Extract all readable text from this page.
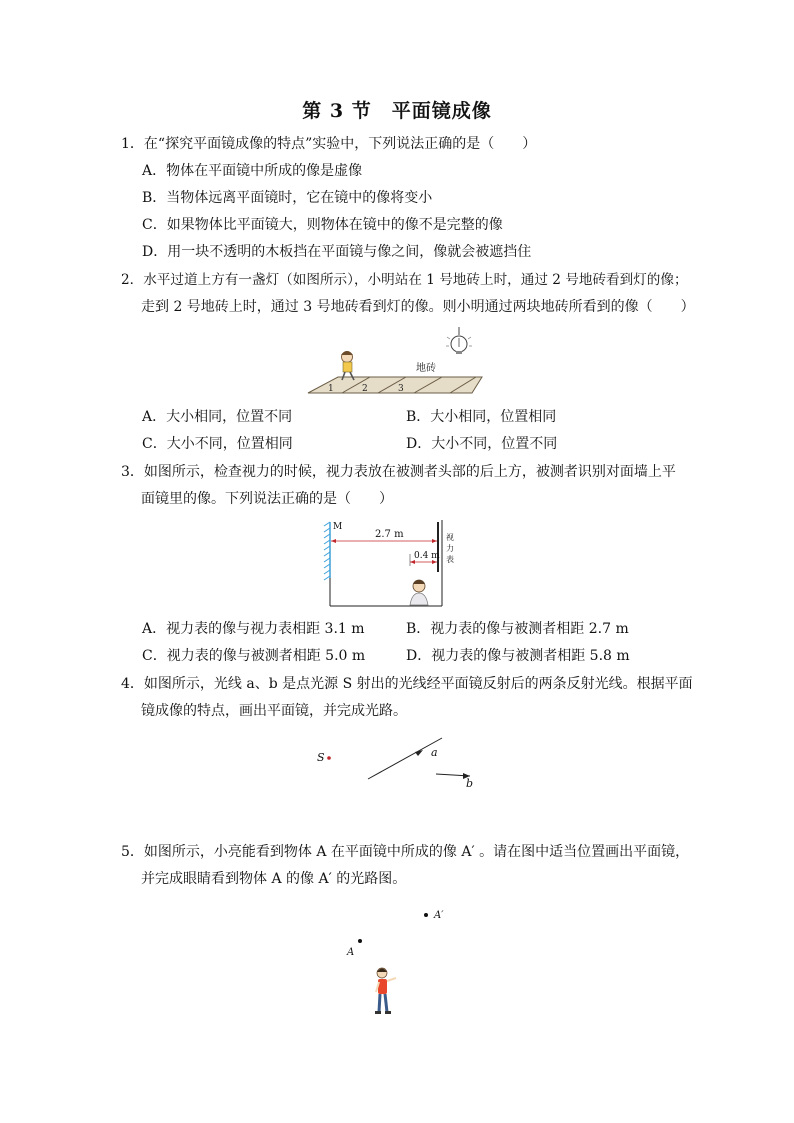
第 3 节　平面镜成像
1．在“探究平面镜成像的特点”实验中，下列说法正确的是（　　）
A．物体在平面镜中所成的像是虚像
B．当物体远离平面镜时，它在镜中的像将变小
C．如果物体比平面镜大，则物体在镜中的像不是完整的像
D．用一块不透明的木板挡在平面镜与像之间，像就会被遮挡住
2．水平过道上方有一盏灯（如图所示），小明站在 1 号地砖上时，通过 2 号地砖看到灯的像；
走到 2 号地砖上时，通过 3 号地砖看到灯的像。则小明通过两块地砖所看到的像（　　）
1	2	3
地砖
A．大小相同，位置不同	B．大小相同，位置相同
C．大小不同，位置相同	D．大小不同，位置不同
3．如图所示，检查视力的时候，视力表放在被测者头部的后上方，被测者识别对面墙上平
面镜里的像。下列说法正确的是（　　）
M
视
力
表
2.7 m
0.4 m
A．视力表的像与视力表相距 3.1 m	B．视力表的像与被测者相距 2.7 m
C．视力表的像与被测者相距 5.0 m	D．视力表的像与被测者相距 5.8 m
4．如图所示，光线 a、b 是点光源 S 射出的光线经平面镜反射后的两条反射光线。根据平面
镜成像的特点，画出平面镜，并完成光路。
S	a
b
5．如图所示，小亮能看到物体 A 在平面镜中所成的像 A′ 。请在图中适当位置画出平面镜，
并完成眼睛看到物体 A 的像 A′ 的光路图。
A′
A
